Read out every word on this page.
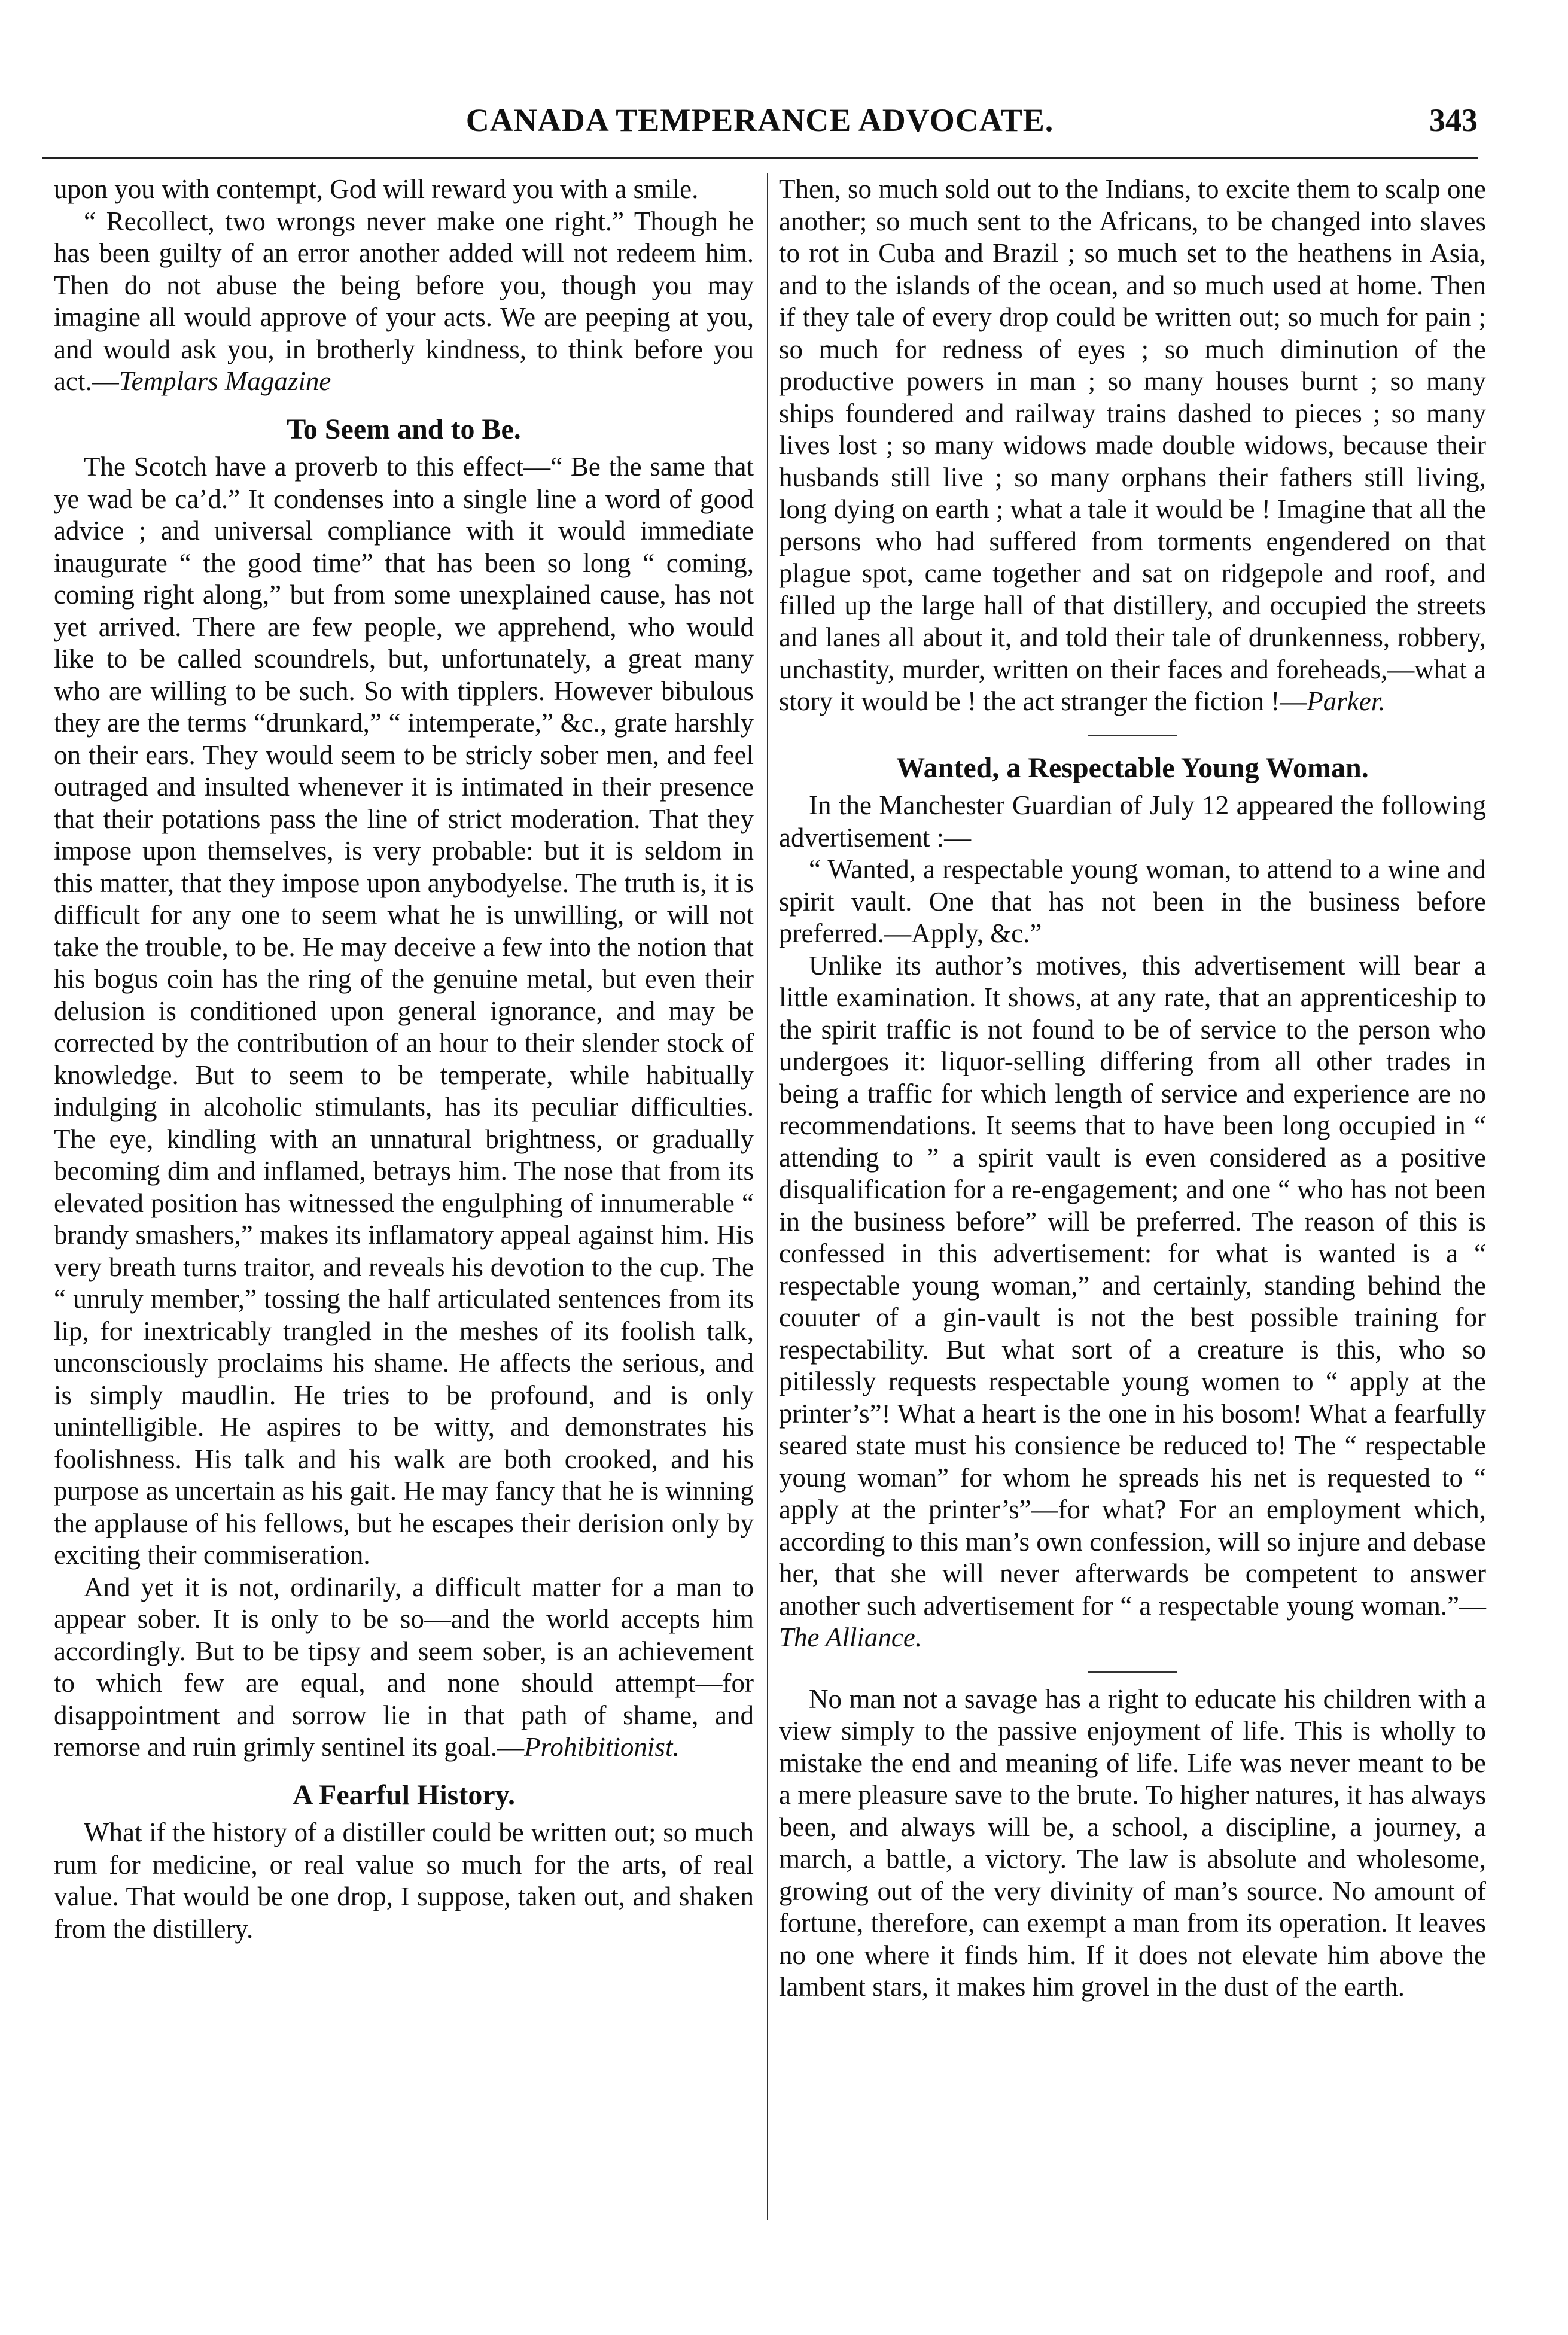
CANADA TEMPERANCE ADVOCATE.	343

upon you with contempt, God will reward you with a smile.

“ Recollect, two wrongs never make one right.” Though he has been guilty of an error another added will not redeem him. Then do not abuse the being before you, though you may imagine all would approve of your acts. We are peeping at you, and would ask you, in brotherly kindness, to think before you act.—Templars Magazine

To Seem and to Be.

The Scotch have a proverb to this effect—“ Be the same that ye wad be ca’d.” It condenses into a single line a word of good advice ; and universal compliance with it would immediate inaugurate “ the good time” that has been so long “ coming, coming right along,” but from some unexplained cause, has not yet arrived. There are few people, we apprehend, who would like to be called scoundrels, but, unfortunately, a great many who are willing to be such. So with tipplers. However bibulous they are the terms “drunkard,” “ intemperate,” &c., grate harshly on their ears. They would seem to be stricly sober men, and feel outraged and insulted whenever it is intimated in their presence that their potations pass the line of strict moderation. That they impose upon themselves, is very probable: but it is seldom in this matter, that they impose upon anybodyelse. The truth is, it is difficult for any one to seem what he is unwilling, or will not take the trouble, to be. He may deceive a few into the notion that his bogus coin has the ring of the genuine metal, but even their delusion is conditioned upon general ignorance, and may be corrected by the contribution of an hour to their slender stock of knowledge. But to seem to be temperate, while habitually indulging in alcoholic stimulants, has its peculiar difficulties. The eye, kindling with an unnatural brightness, or gradually becoming dim and inflamed, betrays him. The nose that from its elevated position has witnessed the engulphing of innumerable “ brandy smashers,” makes its inflamatory appeal against him. His very breath turns traitor, and reveals his devotion to the cup. The “ unruly member,” tossing the half articulated sentences from its lip, for inextricably trangled in the meshes of its foolish talk, unconsciously proclaims his shame. He affects the serious, and is simply maudlin. He tries to be profound, and is only unintelligible. He aspires to be witty, and demonstrates his foolishness. His talk and his walk are both crooked, and his purpose as uncertain as his gait. He may fancy that he is winning the applause of his fellows, but he escapes their derision only by exciting their commiseration.

And yet it is not, ordinarily, a difficult matter for a man to appear sober. It is only to be so—and the world accepts him accordingly. But to be tipsy and seem sober, is an achievement to which few are equal, and none should attempt—for disappointment and sorrow lie in that path of shame, and remorse and ruin grimly sentinel its goal.—Prohibitionist.

A Fearful History.

What if the history of a distiller could be written out; so much rum for medicine, or real value so much for the arts, of real value. That would be one drop, I suppose, taken out, and shaken from the distillery.

Then, so much sold out to the Indians, to excite them to scalp one another; so much sent to the Africans, to be changed into slaves to rot in Cuba and Brazil ; so much set to the heathens in Asia, and to the islands of the ocean, and so much used at home. Then if they tale of every drop could be written out; so much for pain ; so much for redness of eyes ; so much diminution of the productive powers in man ; so many houses burnt ; so many ships foundered and railway trains dashed to pieces ; so many lives lost ; so many widows made double widows, because their husbands still live ; so many orphans their fathers still living, long dying on earth ; what a tale it would be ! Imagine that all the persons who had suffered from torments engendered on that plague spot, came together and sat on ridgepole and roof, and filled up the large hall of that distillery, and occupied the streets and lanes all about it, and told their tale of drunkenness, robbery, unchastity, murder, written on their faces and foreheads,—what a story it would be ! the act stranger the fiction !—Parker.

Wanted, a Respectable Young Woman.

In the Manchester Guardian of July 12 appeared the following advertisement :—

“ Wanted, a respectable young woman, to attend to a wine and spirit vault. One that has not been in the business before preferred.—Apply, &c.”

Unlike its author’s motives, this advertisement will bear a little examination. It shows, at any rate, that an apprenticeship to the spirit traffic is not found to be of service to the person who undergoes it: liquor-selling differing from all other trades in being a traffic for which length of service and experience are no recommendations. It seems that to have been long occupied in “ attending to ” a spirit vault is even considered as a positive disqualification for a re-engagement; and one “ who has not been in the business before” will be preferred. The reason of this is confessed in this advertisement: for what is wanted is a “ respectable young woman,” and certainly, standing behind the couuter of a gin-vault is not the best possible training for respectability. But what sort of a creature is this, who so pitilessly requests respectable young women to “ apply at the printer’s”! What a heart is the one in his bosom! What a fearfully seared state must his consience be reduced to! The “ respectable young woman” for whom he spreads his net is requested to “ apply at the printer’s”—for what? For an employment which, according to this man’s own confession, will so injure and debase her, that she will never afterwards be competent to answer another such advertisement for “ a respectable young woman.”—The Alliance.

No man not a savage has a right to educate his children with a view simply to the passive enjoyment of life. This is wholly to mistake the end and meaning of life. Life was never meant to be a mere pleasure save to the brute. To higher natures, it has always been, and always will be, a school, a discipline, a journey, a march, a battle, a victory. The law is absolute and wholesome, growing out of the very divinity of man’s source. No amount of fortune, therefore, can exempt a man from its operation. It leaves no one where it finds him. If it does not elevate him above the lambent stars, it makes him grovel in the dust of the earth.
